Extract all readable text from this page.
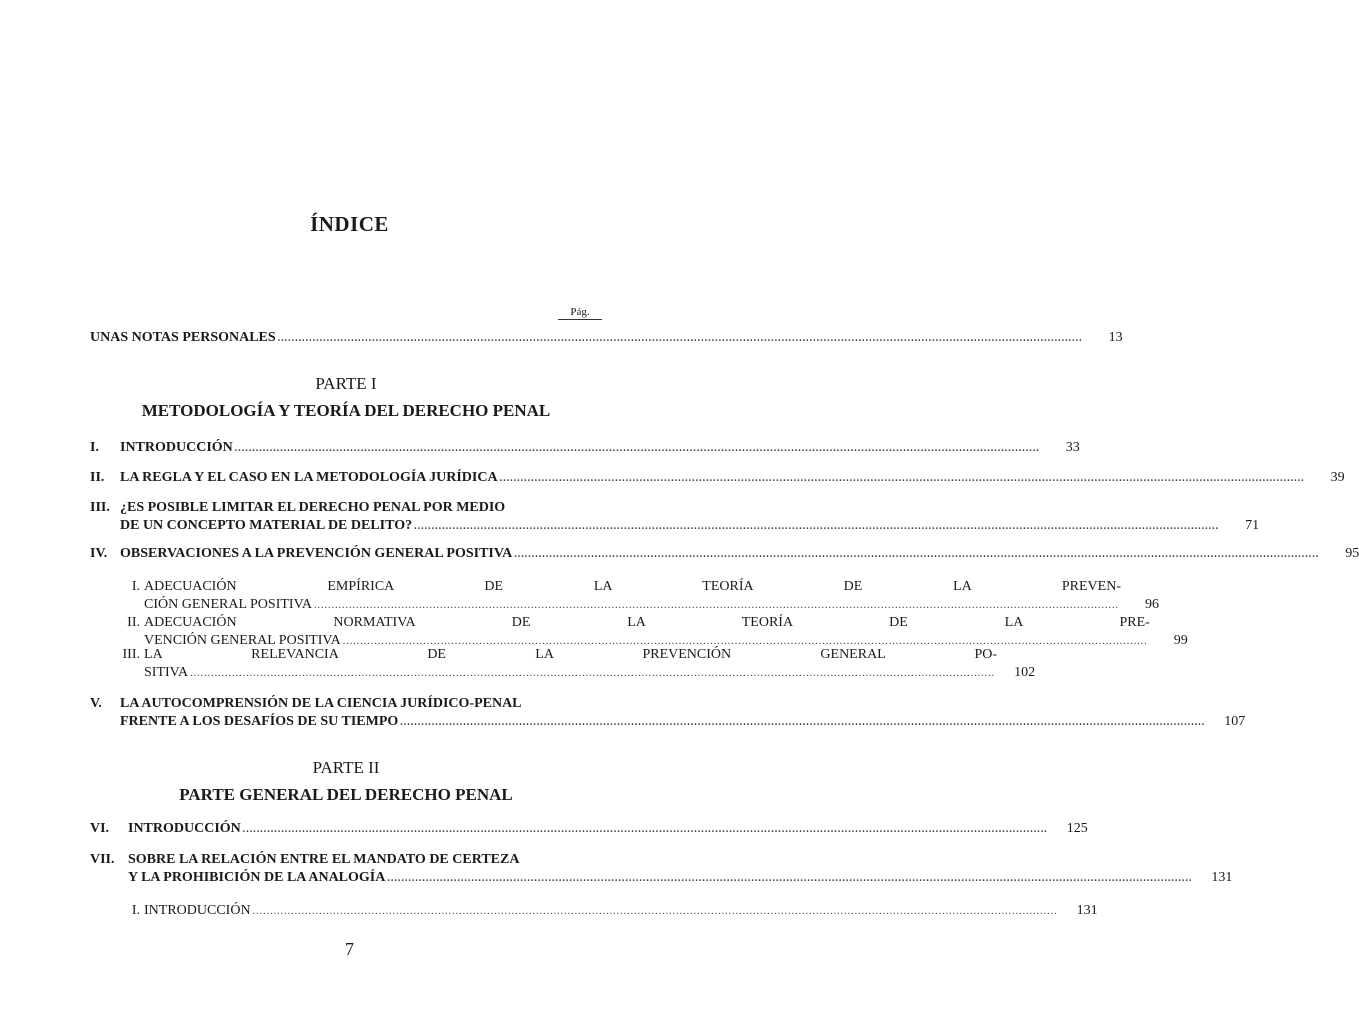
ÍNDICE
Pág.
UNAS NOTAS PERSONALES ......................................................................................................................................................................................................................................	13
PARTE I
METODOLOGÍA Y TEORÍA DEL DERECHO PENAL
I.	INTRODUCCIÓN ......................................................................................................................................................................................................................................	33
II.	LA REGLA Y EL CASO EN LA METODOLOGÍA JURÍDICA ......................................................................................................................................................................................................................................	39
III. ¿ES POSIBLE LIMITAR EL DERECHO PENAL POR MEDIO
DE UN CONCEPTO MATERIAL DE DELITO? ......................................................................................................................................................................................................................................	71
IV. OBSERVACIONES A LA PREVENCIÓN GENERAL POSITIVA ......................................................................................................................................................................................................................................	95
I. ADECUACIÓN EMPÍRICA DE LA TEORÍA DE LA PREVEN-
CIÓN GENERAL POSITIVA ......................................................................................................................................................................................................................................	96
II. ADECUACIÓN NORMATIVA DE LA TEORÍA DE LA PRE-
VENCIÓN GENERAL POSITIVA ......................................................................................................................................................................................................................................	99
III. LA RELEVANCIA DE LA PREVENCIÓN GENERAL PO-
SITIVA ......................................................................................................................................................................................................................................	102
V.	LA AUTOCOMPRENSIÓN DE LA CIENCIA JURÍDICO-PENAL
FRENTE A LOS DESAFÍOS DE SU TIEMPO ......................................................................................................................................................................................................................................	107
PARTE II
PARTE GENERAL DEL DERECHO PENAL
VI.	INTRODUCCIÓN ......................................................................................................................................................................................................................................	125
VII. SOBRE LA RELACIÓN ENTRE EL MANDATO DE CERTEZA
Y LA PROHIBICIÓN DE LA ANALOGÍA ......................................................................................................................................................................................................................................	131
I. INTRODUCCIÓN ......................................................................................................................................................................................................................................	131
7
